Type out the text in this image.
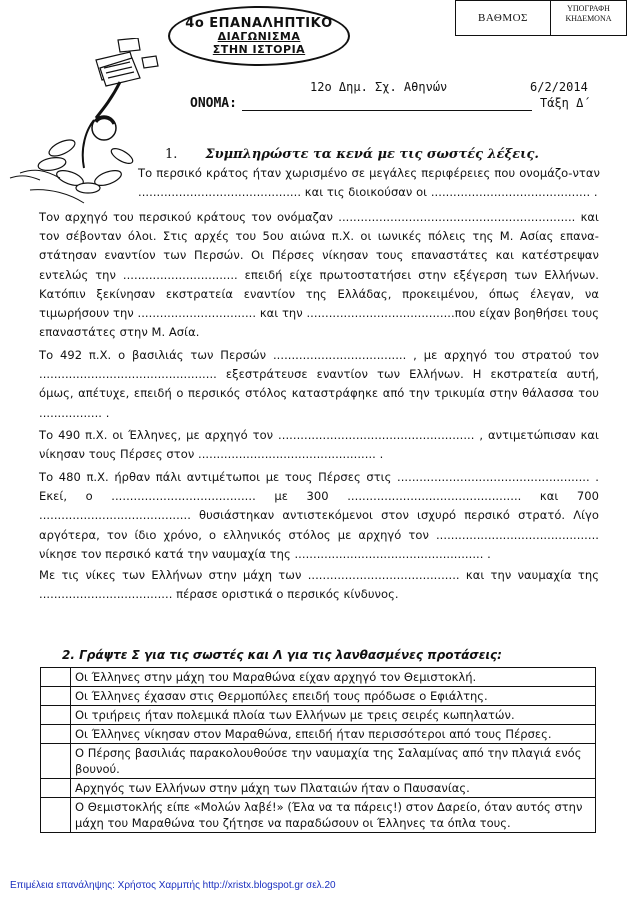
4ο ΕΠΑΝΑΛΗΠΤΙΚΟ
ΔΙΑΓΩΝΙΣΜΑ
ΣΤΗΝ ΙΣΤΟΡΙΑ
ΒΑΘΜΟΣ
ΥΠΟΓΡΑΦΗ ΚΗΔΕΜΟΝΑ
12ο Δημ. Σχ. Αθηνών	6/2/2014
ΟΝΟΜΑ:	Τάξη Δ΄
1. Συμπληρώστε τα κενά με τις σωστές λέξεις.

Το περσικό κράτος ήταν χωρισμένο σε μεγάλες περιφέρειες που ονομάζο-νταν ............................................ και τις διοικούσαν οι ........................................... .

Τον αρχηγό του περσικού κράτους τον ονόμαζαν ................................................................ και τον σέβονταν όλοι. Στις αρχές του 5ου αιώνα π.Χ. οι ιωνικές πόλεις της Μ. Ασίας επανα-στάτησαν εναντίον των Περσών. Οι Πέρσες νίκησαν τους επαναστάτες και κατέστρεψαν εντελώς την ............................... επειδή είχε πρωτοστατήσει στην εξέγερση των Ελλήνων. Κατόπιν ξεκίνησαν εκστρατεία εναντίον της Ελλάδας, προκειμένου, όπως έλεγαν, να τιμωρήσουν την ................................ και την ........................................που είχαν βοηθήσει τους επαναστάτες στην Μ. Ασία.

Το 492 π.Χ. ο βασιλιάς των Περσών .................................... , με αρχηγό του στρατού τον ................................................ εξεστράτευσε εναντίον των Ελλήνων. Η εκστρατεία αυτή, όμως, απέτυχε, επειδή ο περσικός στόλος καταστράφηκε από την τρικυμία στην θάλασσα του ................. .

Το 490 π.Χ. οι Έλληνες, με αρχηγό τον ..................................................... , αντιμετώπισαν και νίκησαν τους Πέρσες στον ................................................ .

Το 480 π.Χ. ήρθαν πάλι αντιμέτωποι με τους Πέρσες στις .................................................... . Εκεί, ο ....................................... με 300 ............................................... και 700 ......................................... θυσιάστηκαν αντιστεκόμενοι στον ισχυρό περσικό στρατό. Λίγο αργότερα, τον ίδιο χρόνο, ο ελληνικός στόλος με αρχηγό τον ............................................ νίκησε τον περσικό κατά την ναυμαχία της ................................................... .

Με τις νίκες των Ελλήνων στην μάχη των ......................................... και την ναυμαχία της .................................... πέρασε οριστικά ο περσικός κίνδυνος.

2. Γράψτε Σ για τις σωστές και Λ για τις λανθασμένες προτάσεις:
	Οι Έλληνες στην μάχη του Μαραθώνα είχαν αρχηγό τον Θεμιστοκλή.
	Οι Έλληνες έχασαν στις Θερμοπύλες επειδή τους πρόδωσε ο Εφιάλτης.
	Οι τριήρεις ήταν πολεμικά πλοία των Ελλήνων με τρεις σειρές κωπηλατών.
	Οι Έλληνες νίκησαν στον Μαραθώνα, επειδή ήταν περισσότεροι από τους Πέρσες.
	Ο Πέρσης βασιλιάς παρακολουθούσε την ναυμαχία της Σαλαμίνας από την πλαγιά ενός βουνού.
	Αρχηγός των Ελλήνων στην μάχη των Πλαταιών ήταν ο Παυσανίας.
	Ο Θεμιστοκλής είπε «Μολών λαβέ!» (Έλα να τα πάρεις!) στον Δαρείο, όταν αυτός στην μάχη του Μαραθώνα του ζήτησε να παραδώσουν οι Έλληνες τα όπλα τους.
Επιμέλεια επανάληψης: Χρήστος Χαρμπής http://xristx.blogspot.gr σελ.20
